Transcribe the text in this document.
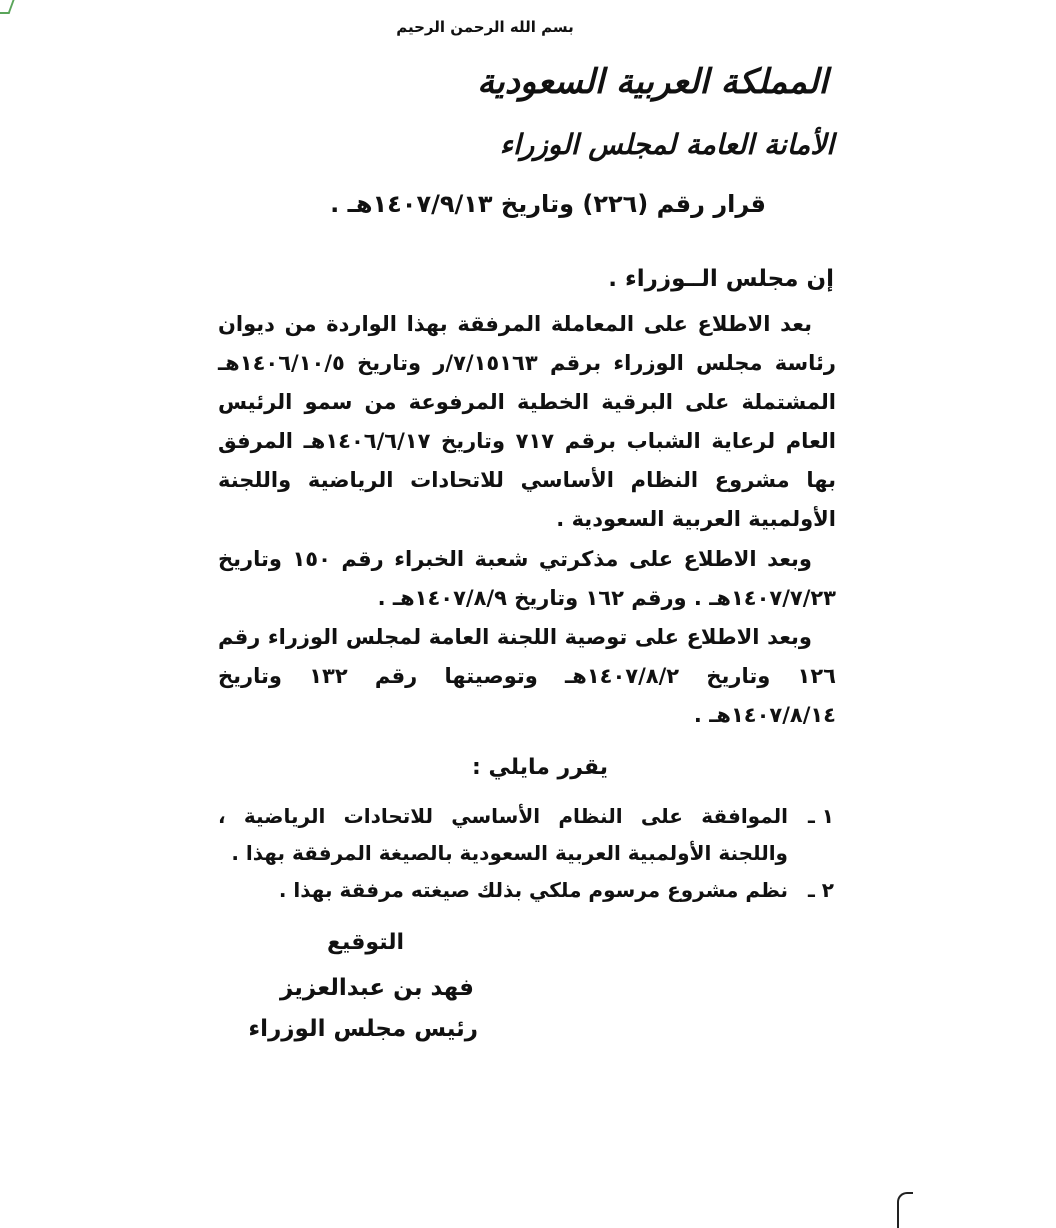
بسم الله الرحمن الرحيم
المملكة العربية السعودية
الأمانة العامة لمجلس الوزراء
قرار رقم (٢٢٦) وتاريخ ١٤٠٧/٩/١٣هـ .
إن مجلس الــوزراء .

بعد الاطلاع على المعاملة المرفقة بهذا الواردة من ديوان رئاسة مجلس الوزراء برقم ٧/١٥١٦٣/ر وتاريخ ١٤٠٦/١٠/٥هـ المشتملة على البرقية الخطية المرفوعة من سمو الرئيس العام لرعاية الشباب برقم ٧١٧ وتاريخ ١٤٠٦/٦/١٧هـ المرفق بها مشروع النظام الأساسي للاتحادات الرياضية واللجنة الأولمبية العربية السعودية .

وبعد الاطلاع على مذكرتي شعبة الخبراء رقم ١٥٠ وتاريخ ١٤٠٧/٧/٢٣هـ . ورقم ١٦٢ وتاريخ ١٤٠٧/٨/٩هـ .

وبعد الاطلاع على توصية اللجنة العامة لمجلس الوزراء رقم ١٢٦ وتاريخ ١٤٠٧/٨/٢هـ وتوصيتها رقم ١٣٢ وتاريخ ١٤٠٧/٨/١٤هـ .

يقرر مايلي :
١ ـ
الموافقة على النظام الأساسي للاتحادات الرياضية ، واللجنة الأولمبية العربية السعودية بالصيغة المرفقة بهذا .
٢ ـ
نظم مشروع مرسوم ملكي بذلك صيغته مرفقة بهذا .
التوقيع
فهد بن عبدالعزيز
رئيس مجلس الوزراء
